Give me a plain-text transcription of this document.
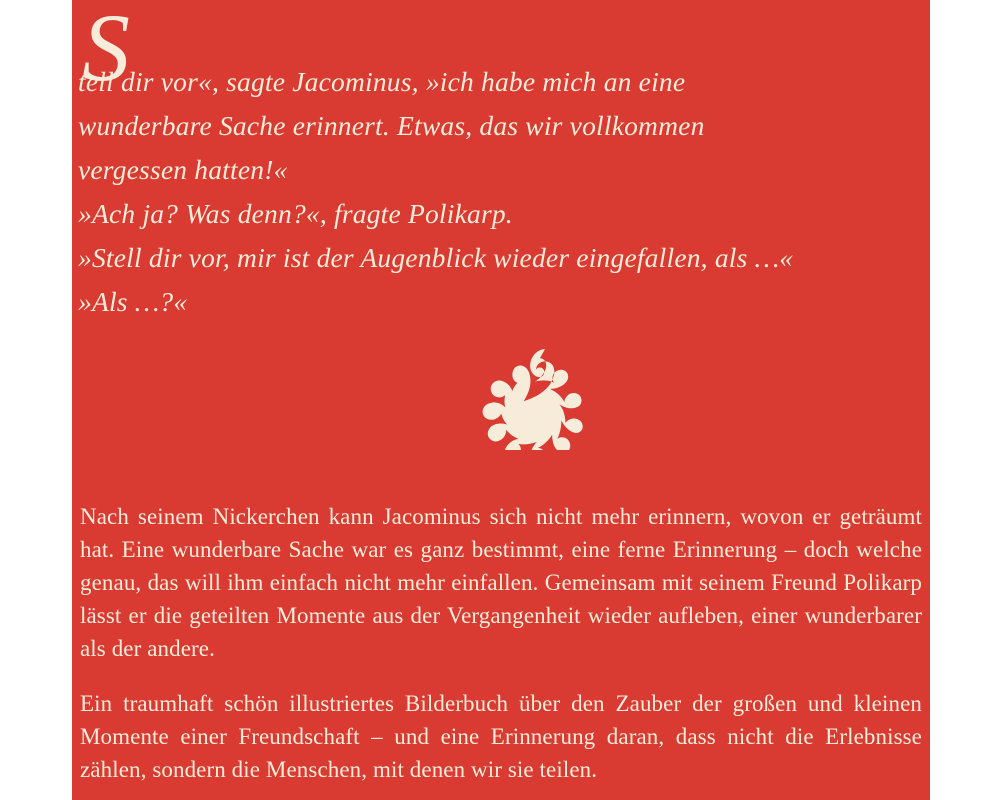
S
tell dir vor«, sagte Jacominus, »ich habe mich an eine
wunderbare Sache erinnert. Etwas, das wir vollkommen
vergessen hatten!«
»Ach ja? Was denn?«, fragte Polikarp.
»Stell dir vor, mir ist der Augenblick wieder eingefallen, als …«
»Als …?«

Nach seinem Nickerchen kann Jacominus sich nicht mehr erinnern, wovon er geträumt hat. Eine wunderbare Sache war es ganz bestimmt, eine ferne Erinnerung – doch welche genau, das will ihm einfach nicht mehr einfallen. Gemeinsam mit seinem Freund Polikarp lässt er die geteilten Momente aus der Vergangenheit wieder aufleben, einer wunderbarer als der andere.

Ein traumhaft schön illustriertes Bilderbuch über den Zauber der großen und kleinen Momente einer Freundschaft – und eine Erinnerung daran, dass nicht die Erlebnisse zählen, sondern die Menschen, mit denen wir sie teilen.
